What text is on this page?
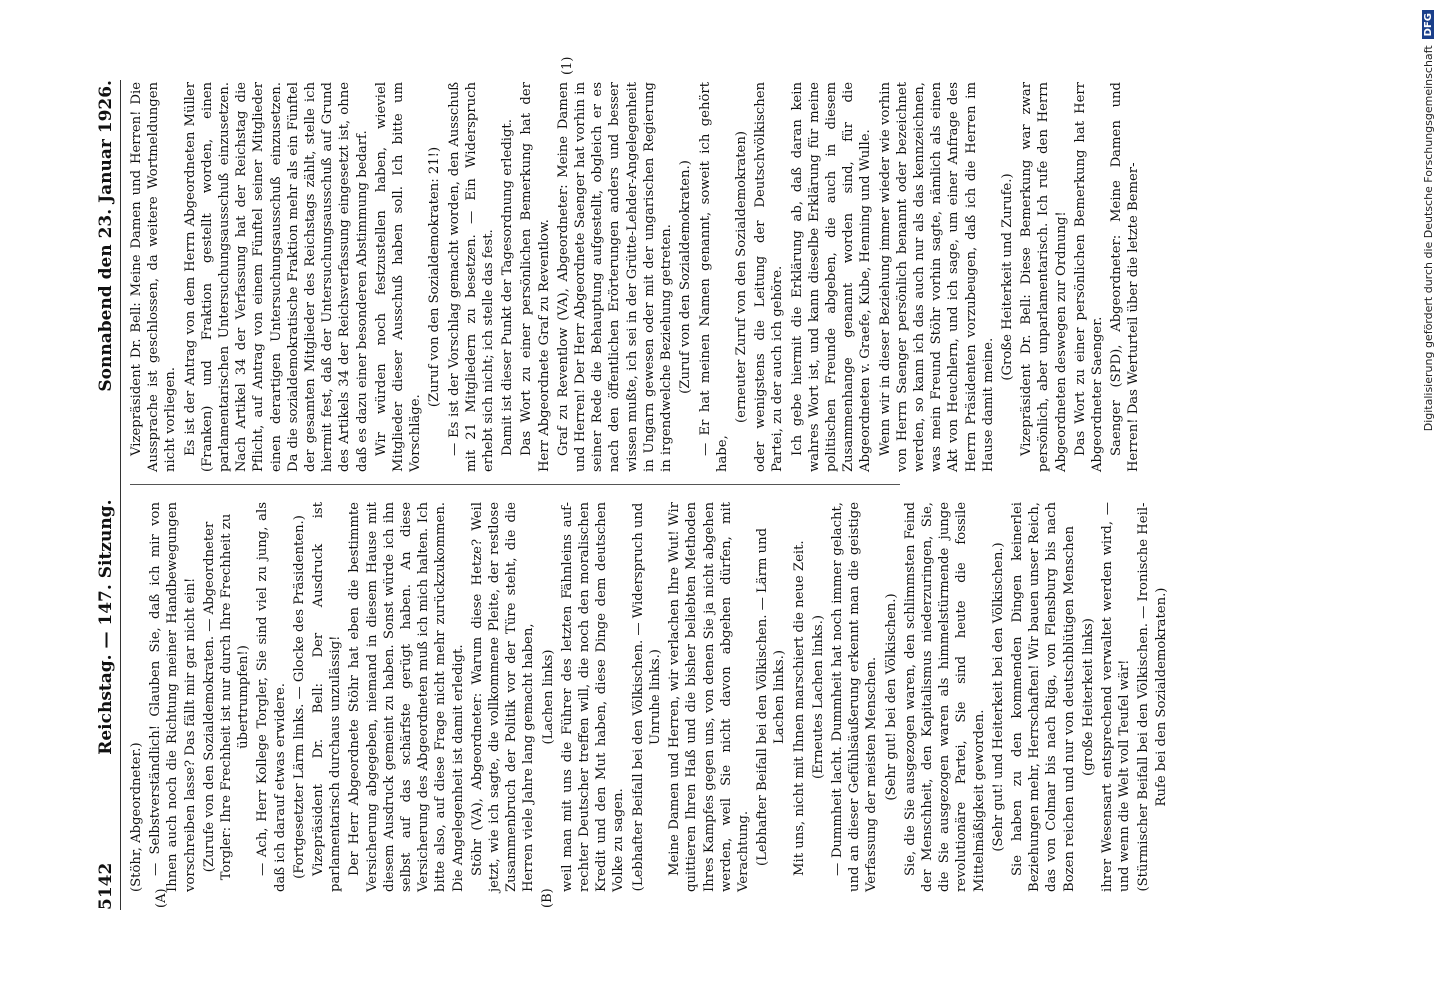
5142
Reichstag. — 147. Sitzung.
Sonnabend den 23. Januar 1926.
(A)	(B)
(1)

(Stöhr, Abgeordneter.) — Selbstverständlich! Glauben Sie, daß ich mir von Ihnen auch noch die Richtung meiner Handbewegungen vorschreiben lasse? Das fällt mir gar nicht ein! (Zurufe von den Sozialdemokraten. — Abgeordneter Torgler: Ihre Frechheit ist nur durch Ihre Frechheit zu übertrumpfen!) — Ach, Herr Kollege Torgler, Sie sind viel zu jung, als daß ich darauf etwas erwidere. (Fortgesetzter Lärm links. — Glocke des Präsidenten.) Vizepräsident Dr. Bell: Der Ausdruck ist parlamentarisch durchaus unzulässig! Der Herr Abgeordnete Stöhr hat eben die bestimmte Versicherung abgegeben, niemand in diesem Hause mit diesem Ausdruck gemeint zu haben. Sonst würde ich ihn selbst auf das schärfste gerügt haben. An diese Versicherung des Abgeordneten muß ich mich halten. Ich bitte also, auf diese Frage nicht mehr zurückzukommen. Die Angelegenheit ist damit erledigt. Stöhr (VA), Abgeordneter: Warum diese Hetze? Weil jetzt, wie ich sagte, die vollkommene Pleite, der restlose Zusammenbruch der Politik vor der Türe steht, die die Herren viele Jahre lang gemacht haben, (Lachen links) weil man mit uns die Führer des letzten Fähnleins auf-rechter Deutscher treffen will, die noch den moralischen Kredit und den Mut haben, diese Dinge dem deutschen Volke zu sagen. (Lebhafter Beifall bei den Völkischen. — Widerspruch und Unruhe links.) Meine Damen und Herren, wir verlachen Ihre Wut! Wir quittieren Ihren Haß und die bisher beliebten Methoden Ihres Kampfes gegen uns, von denen Sie ja nicht abgehen werden, weil Sie nicht davon abgehen dürfen, mit Verachtung. (Lebhafter Beifall bei den Völkischen. — Lärm und Lachen links.) Mit uns, nicht mit Ihnen marschiert die neue Zeit. (Erneutes Lachen links.) — Dummheit lacht. Dummheit hat noch immer gelacht, und an dieser Gefühlsäußerung erkennt man die geistige Verfassung der meisten Menschen. (Sehr gut! bei den Völkischen.) Sie, die Sie ausgezogen waren, den schlimmsten Feind der Menschheit, den Kapitalismus niederzuringen, Sie, die Sie ausgezogen waren als himmelstürmende junge revolutionäre Partei, Sie sind heute die fossile Mittelmäßigkeit geworden. (Sehr gut! und Heiterkeit bei den Völkischen.) Sie haben zu den kommenden Dingen keinerlei Beziehungen mehr, Herrschaften! Wir bauen unser Reich, das von Colmar bis nach Riga, von Flensburg bis nach Bozen reichen und nur von deutschblütigen Menschen (große Heiterkeit links) ihrer Wesensart entsprechend verwaltet werden wird, — und wenn die Welt voll Teufel wär! (Stürmischer Beifall bei den Völkischen. — Ironische Heil-Rufe bei den Sozialdemokraten.)

Vizepräsident Dr. Bell: Meine Damen und Herren! Die Aussprache ist geschlossen, da weitere Wortmeldungen nicht vorliegen. Es ist der Antrag von dem Herrn Abgeordneten Müller (Franken) und Fraktion gestellt worden, einen parlamentarischen Untersuchungsausschuß einzusetzen. Nach Artikel 34 der Verfassung hat der Reichstag die Pflicht, auf Antrag von einem Fünftel seiner Mitglieder einen derartigen Untersuchungsausschuß einzusetzen. Da die sozialdemokratische Fraktion mehr als ein Fünftel der gesamten Mitglieder des Reichstags zählt, stelle ich hiermit fest, daß der Untersuchungsausschuß auf Grund des Artikels 34 der Reichsverfassung eingesetzt ist, ohne daß es dazu einer besonderen Abstimmung bedarf. Wir würden noch festzustellen haben, wieviel Mitglieder dieser Ausschuß haben soll. Ich bitte um Vorschläge.

(Zuruf von den Sozialdemokraten: 21!) — Es ist der Vorschlag gemacht worden, den Ausschuß mit 21 Mitgliedern zu besetzen. — Ein Widerspruch erhebt sich nicht; ich stelle das fest. Damit ist dieser Punkt der Tagesordnung erledigt. Das Wort zu einer persönlichen Bemerkung hat der Herr Abgeordnete Graf zu Reventlow. Graf zu Reventlow (VA), Abgeordneter: Meine Damen und Herren! Der Herr Abgeordnete Saenger hat vorhin in seiner Rede die Behauptung aufgestellt, obgleich er es nach den öffentlichen Erörterungen anders und besser wissen mußte, ich sei in der Grütte-Lehder-Angelegenheit in Ungarn gewesen oder mit der ungarischen Regierung in irgendwelche Beziehung getreten. (Zuruf von den Sozialdemokraten.) — Er hat meinen Namen genannt, soweit ich gehört habe,

(erneuter Zuruf von den Sozialdemokraten) oder wenigstens die Leitung der Deutschvölkischen Partei, zu der auch ich gehöre. Ich gebe hiermit die Erklärung ab, daß daran kein wahres Wort ist, und kann dieselbe Erklärung für meine politischen Freunde abgeben, die auch in diesem Zusammenhange genannt worden sind, für die Abgeordneten v. Graefe, Kube, Henning und Wulle. Wenn wir in dieser Beziehung immer wieder wie vorhin von Herrn Saenger persönlich benannt oder bezeichnet werden, so kann ich das auch nur als das kennzeichnen, was mein Freund Stöhr vorhin sagte, nämlich als einen Akt von Heuchlern, und ich sage, um einer Anfrage des Herrn Präsidenten vorzubeugen, daß ich die Herren im Hause damit meine.

(Große Heiterkeit und Zurufe.) Vizepräsident Dr. Bell: Diese Bemerkung war zwar persönlich, aber unparlamentarisch. Ich rufe den Herrn Abgeordneten deswegen zur Ordnung! Das Wort zu einer persönlichen Bemerkung hat Herr Abgeordneter Saenger. Saenger (SPD), Abgeordneter: Meine Damen und Herren! Das Werturteil über die letzte Bemer-	Digitalisierung gefördert durch die Deutsche Forschungsgemeinschaft
DFG
